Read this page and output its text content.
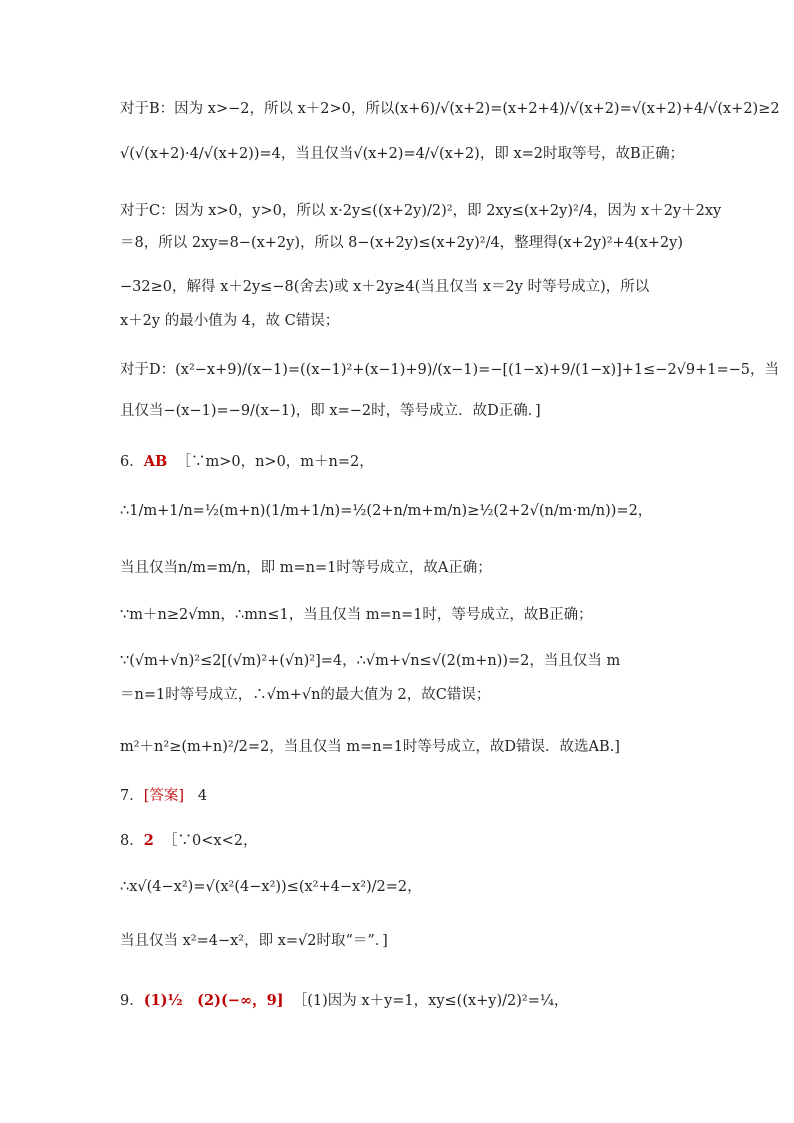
对于B：因为 x>−2，所以 x＋2>0，所以(x+6)/√(x+2)=(x+2+4)/√(x+2)=√(x+2)+4/√(x+2)≥2
√(√(x+2)·4/√(x+2))=4，当且仅当√(x+2)=4/√(x+2)，即 x=2时取等号，故B正确；
对于C：因为 x>0，y>0，所以 x·2y≤((x+2y)/2)²，即 2xy≤(x+2y)²/4，因为 x＋2y＋2xy
＝8，所以 2xy=8−(x+2y)，所以 8−(x+2y)≤(x+2y)²/4，整理得(x+2y)²+4(x+2y)
−32≥0，解得 x＋2y≤−8(舍去)或 x＋2y≥4(当且仅当 x＝2y 时等号成立)，所以
x＋2y 的最小值为 4，故 C错误；
对于D：(x²−x+9)/(x−1)=((x−1)²+(x−1)+9)/(x−1)=−[(1−x)+9/(1−x)]+1≤−2√9+1=−5，当
且仅当−(x−1)=−9/(x−1)，即 x=−2时，等号成立．故D正确．]
6．AB ［∵m>0，n>0，m＋n=2，
∴1/m+1/n=½(m+n)(1/m+1/n)=½(2+n/m+m/n)≥½(2+2√(n/m·m/n))=2，
当且仅当n/m=m/n，即 m=n=1时等号成立，故A正确；
∵m＋n≥2√mn，∴mn≤1，当且仅当 m=n=1时，等号成立，故B正确；
∵(√m+√n)²≤2[(√m)²+(√n)²]=4，∴√m+√n≤√(2(m+n))=2，当且仅当 m
＝n=1时等号成立，∴√m+√n的最大值为 2，故C错误；
m²＋n²≥(m+n)²/2=2，当且仅当 m=n=1时等号成立，故D错误．故选AB.]
7．[答案] 4
8．2 ［∵0<x<2，
∴x√(4−x²)=√(x²(4−x²))≤(x²+4−x²)/2=2，
当且仅当 x²=4−x²，即 x=√2时取“＝”．]
9．(1)½　(2)(−∞，9] ［(1)因为 x＋y=1，xy≤((x+y)/2)²=¼，
